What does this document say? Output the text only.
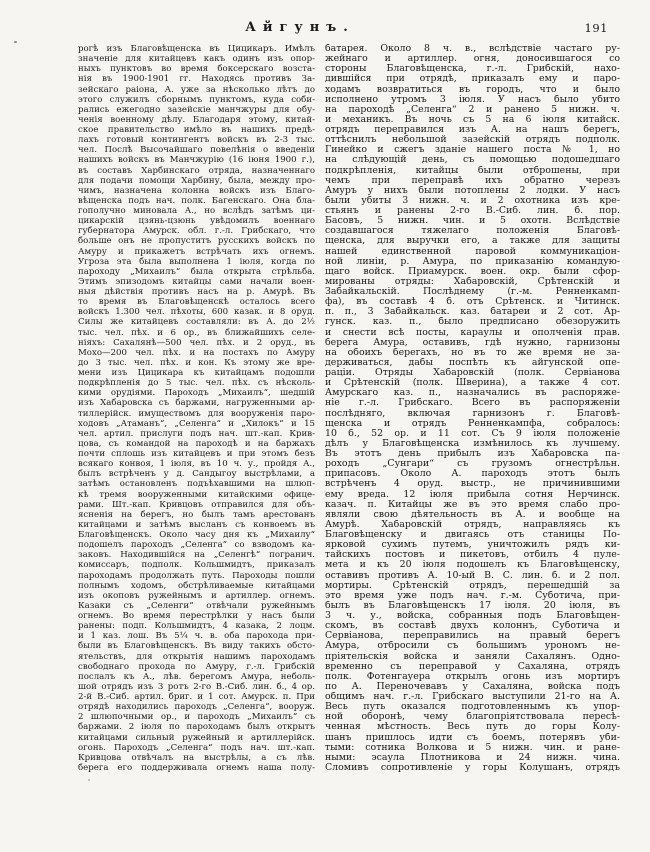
Айгунъ.	191
рогѣ изъ Благовѣщенска въ Цицикаръ. Имѣлъ
значеніе для китайцевъ какъ одинъ изъ опор-
ныхъ пунктовъ во время боксерскаго возста-
нія въ 1900-1901 гг. Находясь противъ За-
зейскаго раіона, А. уже за нѣсколько лѣтъ до
этого служилъ сборнымъ пунктомъ, куда соби-
рались ежегодно зазейскіе манчжуры для обу-
ченія военному дѣлу. Благодаря этому, китай-
ское правительство имѣло въ нашихъ предѣ-
лахъ готовый контингентъ войскъ въ 2-3 тыс.
чел. Послѣ Высочайшаго повелѣнія о введеніи
нашихъ войскъ въ Манчжурію (16 іюня 1900 г.),
въ составъ Харбинскаго отряда, назначеннаго
для подачи помощи Харбину, была, между про-
чимъ, назначена колонна войскъ изъ Благо-
вѣщенска подъ нач. полк. Багенскаго. Она бла-
гополучно миновала А., но вслѣдъ затѣмъ ци-
цикарскій цзянь-цзюнь увѣдомилъ военнаго
губернатора Амурск. обл. г.-л. Грибскаго, что
больше онъ не пропуститъ русскихъ войскъ по
Амуру и прикажетъ встрѣчать ихъ огнемъ.
Угроза эта была выполнена 1 іюля, когда по
пароходу „Михаилъ“ была открыта стрѣльба.
Этимъ эпизодомъ китайцы сами начали воен-
ныя дѣйствія противъ насъ на р. Амурѣ. Въ
то время въ Благовѣщенскѣ осталось всего
войскъ 1.300 чел. пѣхоты, 600 казак. и 8 оруд.
Силы же китайцевъ составляли: въ А. до 2½
тыс. чел. пѣх. и 6 ор., въ ближайшихъ селе-
ніяхъ: Сахалянѣ—500 чел. пѣх. и 2 оруд., въ
Мохо—200 чел. пѣх. и на постахъ по Амуру
до 3 тыс. чел. пѣх. и кон. Къ этому же вре-
мени изъ Цицикара къ китайцамъ подошли
подкрѣпленія до 5 тыс. чел. пѣх. съ нѣсколь-
кими орудіями. Пароходъ „Михаилъ“, шедшій
изъ Хабаровска съ баржами, нагруженными ар-
тиллерійск. имуществомъ для вооруженія паро-
ходовъ „Атаманъ“, „Селенга“ и „Хилокъ“ и 15
чел. артил. прислуги подъ нач. шт.-кап. Крив-
цова, съ командой на пароходѣ и на баржахъ
почти сплошь изъ китайцевъ и при этомъ безъ
всякаго конвоя, 1 іюля, въ 10 ч. у., пройдя А.,
былъ встрѣченъ у д. Сандыгоу выстрѣлами, а
затѣмъ остановленъ подъѣхавшими на шлюп-
кѣ тремя вооруженными китайскими офице-
рами. Шт.-кап. Кривцовъ отправился для объ-
ясненія на берегъ, но былъ тамъ арестованъ
китайцами и затѣмъ высланъ съ конвоемъ въ
Благовѣщенскъ. Около часу дня къ „Михаилу“
подошелъ пароходъ „Селенга“ со взводомъ ка-
заковъ. Находившійся на „Селенгѣ“ погранич.
комиссаръ, подполк. Кольшмидтъ, приказалъ
пароходамъ продолжать путь. Пароходы пошли
полнымъ ходомъ, обстрѣливаемые китайцами
изъ окоповъ ружейнымъ и артиллер. огнемъ.
Казаки съ „Селенги“ отвѣчали ружейнымъ
огнемъ. Во время перестрѣлки у насъ были
ранены: подп. Кольшмидтъ, 4 казака, 2 лоцм.
и 1 каз. лош. Въ 5¼ ч. в. оба парохода при-
были въ Благовѣщенскъ. Въ виду такихъ обсто-
ятельствъ, для открытія нашимъ пароходамъ
свободнаго прохода по Амуру, г.-л. Грибскій
послалъ къ А., лѣв. берегомъ Амура, неболь-
шой отрядъ изъ 3 ротъ 2-го В.-Сиб. лин. б., 4 ор.
2-й В.-Сиб. артил. бриг. и 1 сот. Амурск. п. При
отрядѣ находились пароходъ „Селенга“, вооруж.
2 шлюпочными ор., и пароходъ „Михаилъ“ съ
баржами. 2 іюля по пароходамъ былъ открытъ
китайцами сильный ружейный и артиллерійск.
огонь. Пароходъ „Селенга“ подъ нач. шт.-кап.
Кривцова отвѣчалъ на выстрѣлы, а съ лѣв.
берега его поддерживала огнемъ наша полу-
батарея. Около 8 ч. в., вслѣдствіе частаго ру-
жейнаго и артиллер. огня, доносившагося со
стороны Благовѣщенска, г.-л. Грибскій, нахо-
дившійся при отрядѣ, приказалъ ему и паро-
ходамъ возвратиться въ городъ, что и было
исполнено утромъ 3 іюля. У насъ было убито
на пароходѣ „Селенга“ 2 и ранено 5 нижн. ч.
и механикъ. Въ ночь съ 5 на 6 іюля китайск.
отрядъ переправился изъ А. на нашъ берегъ,
оттѣснилъ небольшой зазейскій отрядъ подполк.
Гинейко и сжегъ зданіе нашего поста № 1, но
на слѣдующій день, съ помощью подошедшаго
подкрѣпленія, китайцы были отброшены, при
чемъ при переправѣ ихъ обратно черезъ
Амуръ у нихъ были потоплены 2 лодки. У насъ
были убиты 3 нижн. ч. и 2 охотника изъ кре-
стьянъ и ранены 2-го В.-Сиб. лин. б. пор.
Басовъ, 5 нижн. чин. и 5 охотн. Вслѣдствіе
создавшагося тяжелаго положенія Благовѣ-
щенска, для выручки его, а также для защиты
нашей единственной паровой коммуникаціон-
ной линіи, р. Амура, по приказанію командую-
щаго войск. Приамурск. воен. окр. были сфор-
мированы отряды: Хабаровскій, Срѣтенскій и
Забайкальскій. Послѣднему (г.-м. Ренненкамп-
фа), въ составѣ 4 б. отъ Срѣтенск. и Читинск.
п. п., 3 Забайкальск. каз. батареи и 2 сот. Ар-
гунск. каз. п., было предписано обезоружить
и снести всѣ посты, караулы и ополченія прав.
берега Амура, оставивъ, гдѣ нужно, гарнизоны
на обоихъ берегахъ, но въ то же время не за-
держиваться, дабы поспѣть къ айгунской опе-
раціи. Отряды Хабаровскій (полк. Сервіанова
и Срѣтенскій (полк. Шверина), а также 4 сот.
Амурскаго каз. п., назначались въ распоряже-
ніе г.-л. Грибскаго. Всего въ распоряженіи
послѣдняго, включая гарнизонъ г. Благовѣ-
щенска и отрядъ Ренненкампфа, собралось:
10 б., 52 ор. и 11 сот. Съ 9 іюля положеніе
дѣлъ у Благовѣщенска измѣнилось къ лучшему.
Въ этотъ день прибылъ изъ Хабаровска па-
роходъ „Сунгари“ съ грузомъ огнестрѣльн.
припасовъ. Около А. пароходъ этотъ былъ
встрѣченъ 4 оруд. выстр., не причинившими
ему вреда. 12 іюля прибыла сотня Нерчинск.
казач. п. Китайцы же въ это время слабо про-
являли свою дѣятельность въ А. и вообще на
Амурѣ. Хабаровскій отрядъ, направляясь къ
Благовѣщенску и двигаясь отъ станицы По-
ярковой сухимъ путемъ, уничтожилъ рядъ ки-
тайскихъ постовъ и пикетовъ, отбилъ 4 пуле-
мета и къ 20 іюля подошелъ къ Благовѣщенску,
оставивъ противъ А. 10-ый В. С. лин. б. и 2 пол.
мортиры. Срѣтенскій отрядъ, перешедшій за
это время уже подъ нач. г.-м. Суботича, при-
былъ въ Благовѣщенскъ 17 іюля. 20 іюля, въ
3 ч. у., войска, собранныя подъ Благовѣщен-
скомъ, въ составѣ двухъ колоннъ, Суботича и
Сервіанова, переправились на правый берегъ
Амура, отбросили съ большимъ урономъ не-
пріятельскія войска и заняли Сахалянъ. Одно-
временно съ переправой у Сахаляна, отрядъ
полк. Фотенгауера открылъ огонь изъ мортиръ
по А. Переночевавъ у Сахаляна, войска подъ
общимъ нач. г.-л. Грибскаго выступили 21-го на А.
Весь путь оказался подготовленнымъ къ упор-
ной оборонѣ, чему благопріятствовала пересѣ-
ченная мѣстность. Весь путь до горы Колу-
шанъ пришлось идти съ боемъ, потерявъ уби-
тыми: сотника Волкова и 5 нижн. чин. и ране-
ными: эсаула Плотникова и 24 нижн. чина.
Сломивъ сопротивленіе у горы Колушанъ, отрядъ
